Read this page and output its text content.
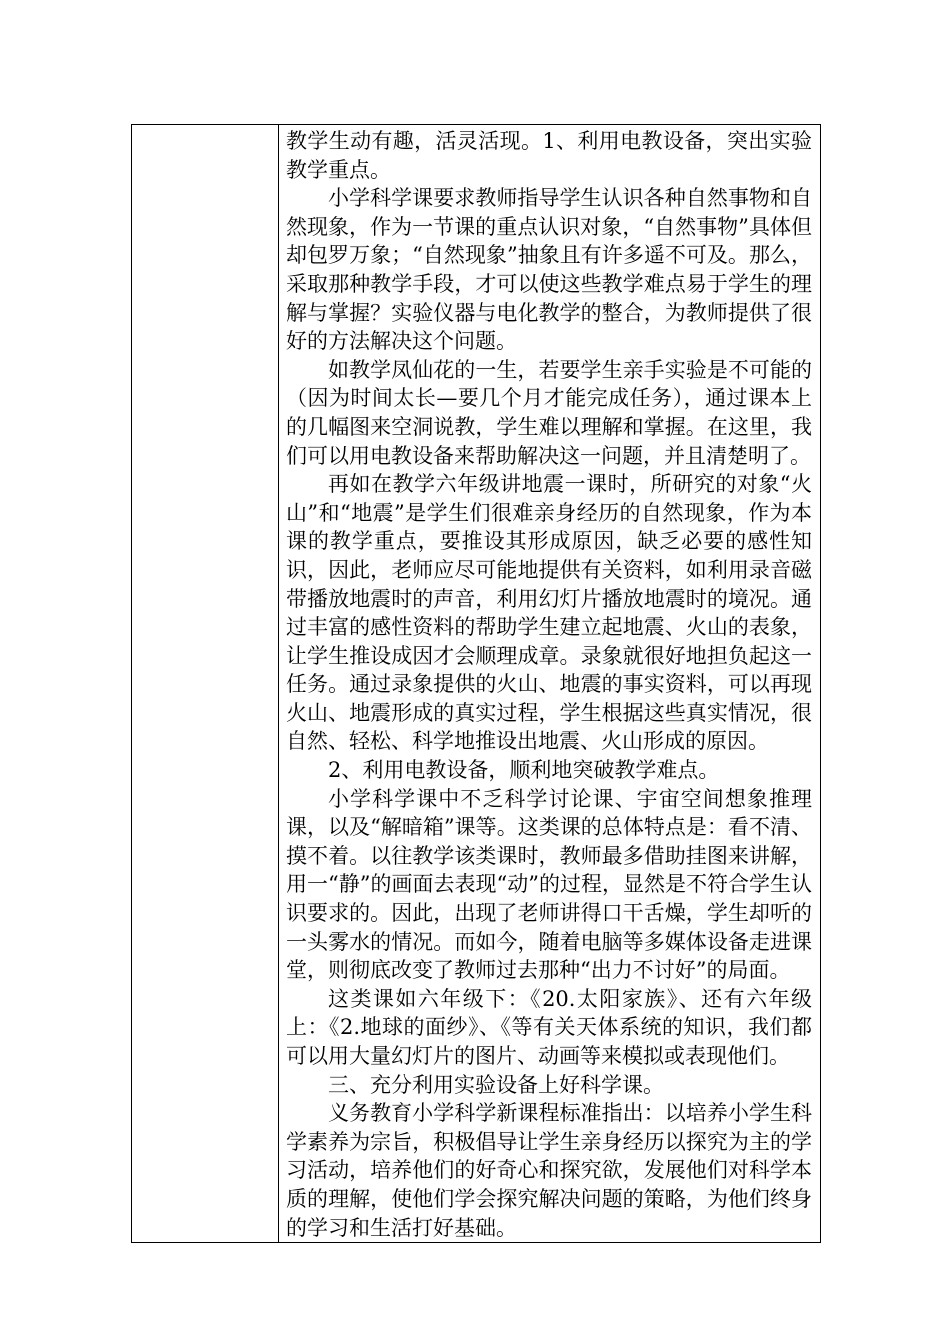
教学生动有趣，活灵活现。1、利用电教设备，突出实验教学重点。

小学科学课要求教师指导学生认识各种自然事物和自然现象，作为一节课的重点认识对象，“自然事物”具体但却包罗万象；“自然现象”抽象且有许多遥不可及。那么，采取那种教学手段，才可以使这些教学难点易于学生的理解与掌握？实验仪器与电化教学的整合，为教师提供了很好的方法解决这个问题。

如教学凤仙花的一生，若要学生亲手实验是不可能的（因为时间太长—要几个月才能完成任务），通过课本上的几幅图来空洞说教，学生难以理解和掌握。在这里，我们可以用电教设备来帮助解决这一问题，并且清楚明了。

再如在教学六年级讲地震一课时，所研究的对象“火山”和“地震”是学生们很难亲身经历的自然现象，作为本课的教学重点，要推设其形成原因，缺乏必要的感性知识，因此，老师应尽可能地提供有关资料，如利用录音磁带播放地震时的声音，利用幻灯片播放地震时的境况。通过丰富的感性资料的帮助学生建立起地震、火山的表象，让学生推设成因才会顺理成章。录象就很好地担负起这一任务。通过录象提供的火山、地震的事实资料，可以再现火山、地震形成的真实过程，学生根据这些真实情况，很自然、轻松、科学地推设出地震、火山形成的原因。

2、利用电教设备，顺利地突破教学难点。

小学科学课中不乏科学讨论课、宇宙空间想象推理课，以及“解暗箱”课等。这类课的总体特点是：看不清、摸不着。以往教学该类课时，教师最多借助挂图来讲解，用一“静”的画面去表现“动”的过程，显然是不符合学生认识要求的。因此，出现了老师讲得口干舌燥，学生却听的一头雾水的情况。而如今，随着电脑等多媒体设备走进课堂，则彻底改变了教师过去那种“出力不讨好”的局面。

这类课如六年级下：《20.太阳家族》、还有六年级上：《2.地球的面纱》、《等有关天体系统的知识，我们都可以用大量幻灯片的图片、动画等来模拟或表现他们。

三、充分利用实验设备上好科学课。

义务教育小学科学新课程标准指出：以培养小学生科学素养为宗旨，积极倡导让学生亲身经历以探究为主的学习活动，培养他们的好奇心和探究欲，发展他们对科学本质的理解，使他们学会探究解决问题的策略，为他们终身的学习和生活打好基础。
